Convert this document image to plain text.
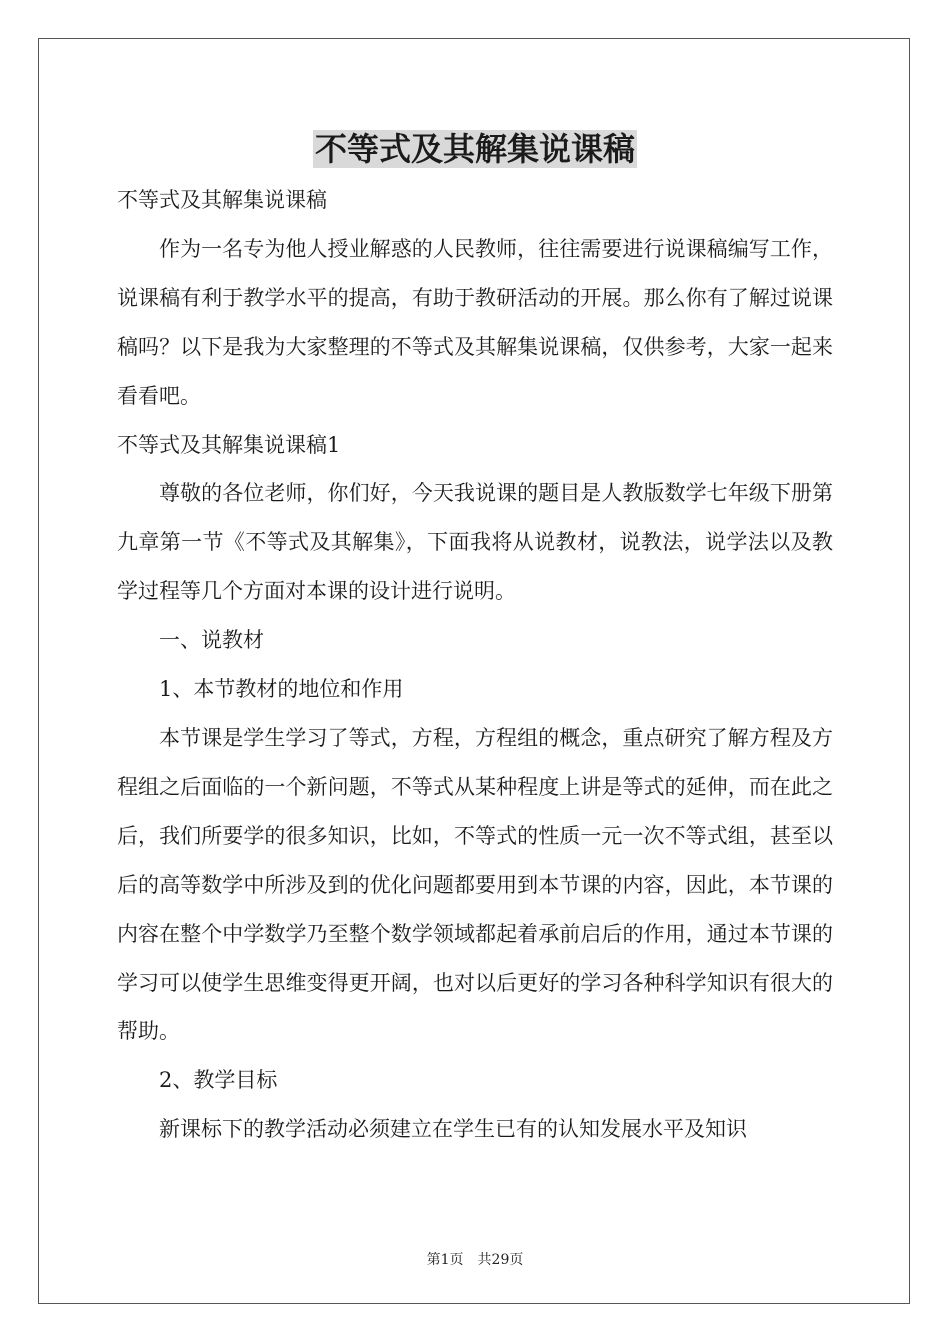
不等式及其解集说课稿

不等式及其解集说课稿

作为一名专为他人授业解惑的人民教师，往往需要进行说课稿编写工作，说课稿有利于教学水平的提高，有助于教研活动的开展。那么你有了解过说课稿吗？以下是我为大家整理的不等式及其解集说课稿，仅供参考，大家一起来看看吧。

不等式及其解集说课稿1

尊敬的各位老师，你们好，今天我说课的题目是人教版数学七年级下册第九章第一节《不等式及其解集》，下面我将从说教材，说教法，说学法以及教学过程等几个方面对本课的设计进行说明。

一、说教材

1、本节教材的地位和作用

本节课是学生学习了等式，方程，方程组的概念，重点研究了解方程及方程组之后面临的一个新问题，不等式从某种程度上讲是等式的延伸，而在此之后，我们所要学的很多知识，比如，不等式的性质一元一次不等式组，甚至以后的高等数学中所涉及到的优化问题都要用到本节课的内容，因此，本节课的内容在整个中学数学乃至整个数学领域都起着承前启后的作用，通过本节课的学习可以使学生思维变得更开阔，也对以后更好的学习各种科学知识有很大的帮助。

2、教学目标

新课标下的教学活动必须建立在学生已有的认知发展水平及知识

第1页　共29页
